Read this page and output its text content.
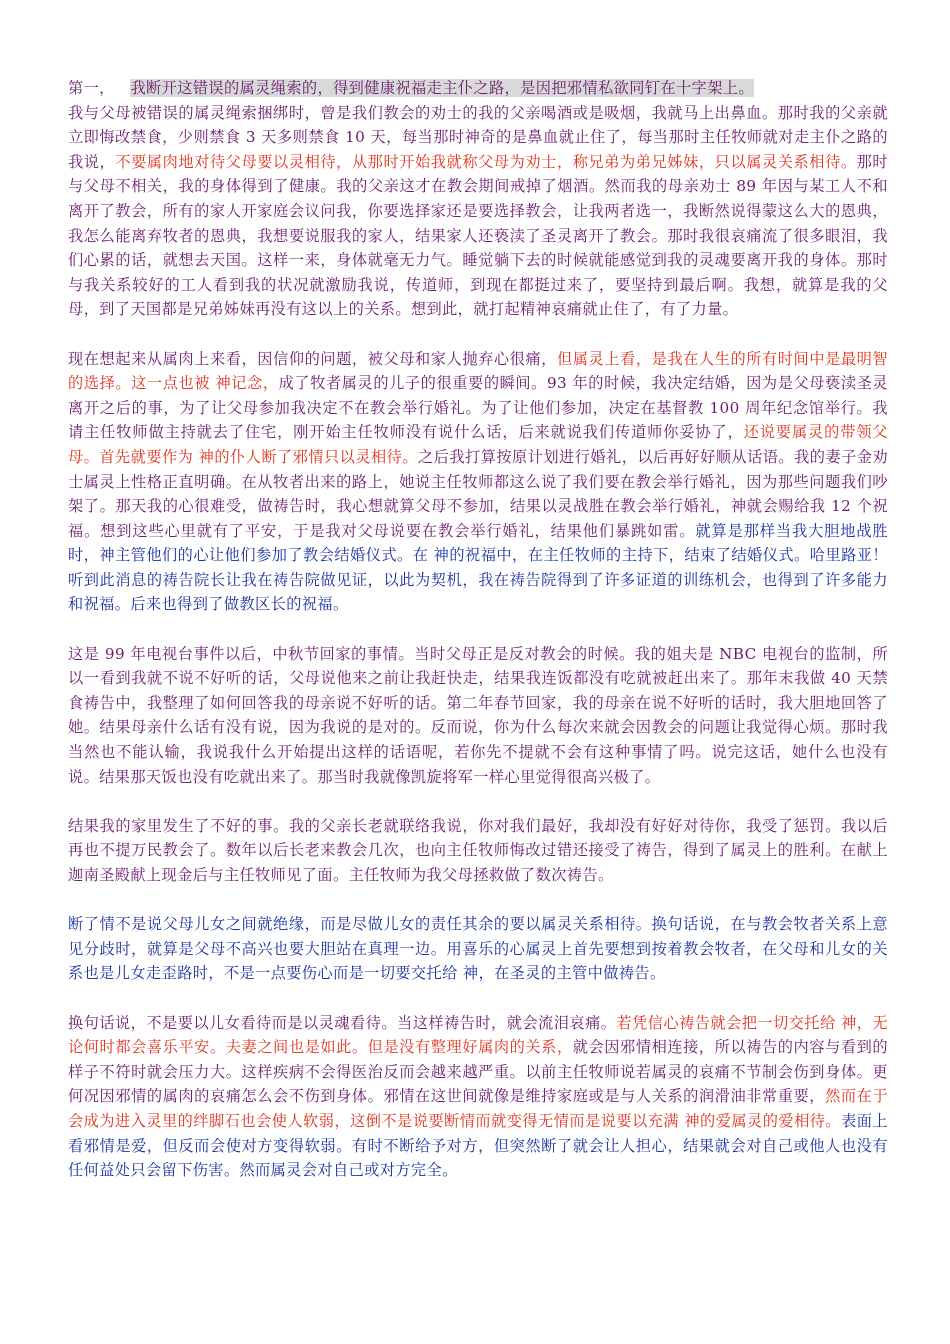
第一， 我断开这错误的属灵绳索的，得到健康祝福走主仆之路，是因把邪情私欲同钉在十字架上。

我与父母被错误的属灵绳索捆绑时，曾是我们教会的劝士的我的父亲喝酒或是吸烟，我就马上出鼻血。那时我的父亲就立即悔改禁食，少则禁食 3 天多则禁食 10 天，每当那时神奇的是鼻血就止住了，每当那时主任牧师就对走主仆之路的我说，不要属肉地对待父母要以灵相待，从那时开始我就称父母为劝士，称兄弟为弟兄姊妹，只以属灵关系相待。那时与父母不相关，我的身体得到了健康。我的父亲这才在教会期间戒掉了烟酒。然而我的母亲劝士 89 年因与某工人不和离开了教会，所有的家人开家庭会议问我，你要选择家还是要选择教会，让我两者选一，我断然说得蒙这么大的恩典，我怎么能离弃牧者的恩典，我想要说服我的家人，结果家人还亵渎了圣灵离开了教会。那时我很哀痛流了很多眼泪，我们心累的话，就想去天国。这样一来，身体就毫无力气。睡觉躺下去的时候就能感觉到我的灵魂要离开我的身体。那时与我关系较好的工人看到我的状况就激励我说，传道师，到现在都挺过来了，要坚持到最后啊。我想，就算是我的父母，到了天国都是兄弟姊妹再没有这以上的关系。想到此，就打起精神哀痛就止住了，有了力量。

现在想起来从属肉上来看，因信仰的问题，被父母和家人抛弃心很痛，但属灵上看，是我在人生的所有时间中是最明智的选择。这一点也被 神记念，成了牧者属灵的儿子的很重要的瞬间。93 年的时候，我决定结婚，因为是父母亵渎圣灵离开之后的事，为了让父母参加我决定不在教会举行婚礼。为了让他们参加，决定在基督教 100 周年纪念馆举行。我请主任牧师做主持就去了住宅，刚开始主任牧师没有说什么话，后来就说我们传道师你妥协了，还说要属灵的带领父母。首先就要作为 神的仆人断了邪情只以灵相待。之后我打算按原计划进行婚礼，以后再好好顺从话语。我的妻子金劝士属灵上性格正直明确。在从牧者出来的路上，她说主任牧师都这么说了我们要在教会举行婚礼，因为那些问题我们吵架了。那天我的心很难受，做祷告时，我心想就算父母不参加，结果以灵战胜在教会举行婚礼，神就会赐给我 12 个祝福。想到这些心里就有了平安，于是我对父母说要在教会举行婚礼，结果他们暴跳如雷。就算是那样当我大胆地战胜时，神主管他们的心让他们参加了教会结婚仪式。在 神的祝福中，在主任牧师的主持下，结束了结婚仪式。哈里路亚！听到此消息的祷告院长让我在祷告院做见证，以此为契机，我在祷告院得到了许多证道的训练机会，也得到了许多能力和祝福。后来也得到了做教区长的祝福。

这是 99 年电视台事件以后，中秋节回家的事情。当时父母正是反对教会的时候。我的姐夫是 NBC 电视台的监制，所以一看到我就不说不好听的话，父母说他来之前让我赶快走，结果我连饭都没有吃就被赶出来了。那年末我做 40 天禁食祷告中，我整理了如何回答我的母亲说不好听的话。第二年春节回家，我的母亲在说不好听的话时，我大胆地回答了她。结果母亲什么话有没有说，因为我说的是对的。反而说，你为什么每次来就会因教会的问题让我觉得心烦。那时我当然也不能认输，我说我什么开始提出这样的话语呢，若你先不提就不会有这种事情了吗。说完这话，她什么也没有说。结果那天饭也没有吃就出来了。那当时我就像凯旋将军一样心里觉得很高兴极了。

结果我的家里发生了不好的事。我的父亲长老就联络我说，你对我们最好，我却没有好好对待你，我受了惩罚。我以后再也不提万民教会了。数年以后长老来教会几次，也向主任牧师悔改过错还接受了祷告，得到了属灵上的胜利。在献上迦南圣殿献上现金后与主任牧师见了面。主任牧师为我父母拯救做了数次祷告。

断了情不是说父母儿女之间就绝缘，而是尽做儿女的责任其余的要以属灵关系相待。换句话说，在与教会牧者关系上意见分歧时，就算是父母不高兴也要大胆站在真理一边。用喜乐的心属灵上首先要想到按着教会牧者，在父母和儿女的关系也是儿女走歪路时，不是一点要伤心而是一切要交托给 神，在圣灵的主管中做祷告。

换句话说，不是要以儿女看待而是以灵魂看待。当这样祷告时，就会流泪哀痛。若凭信心祷告就会把一切交托给 神，无论何时都会喜乐平安。夫妻之间也是如此。但是没有整理好属肉的关系，就会因邪情相连接，所以祷告的内容与看到的样子不符时就会压力大。这样疾病不会得医治反而会越来越严重。以前主任牧师说若属灵的哀痛不节制会伤到身体。更何况因邪情的属肉的哀痛怎么会不伤到身体。邪情在这世间就像是维持家庭或是与人关系的润滑油非常重要，然而在于会成为进入灵里的绊脚石也会使人软弱，这倒不是说要断情而就变得无情而是说要以充满 神的爱属灵的爱相待。表面上看邪情是爱，但反而会使对方变得软弱。有时不断给予对方，但突然断了就会让人担心，结果就会对自己或他人也没有任何益处只会留下伤害。然而属灵会对自己或对方完全。
